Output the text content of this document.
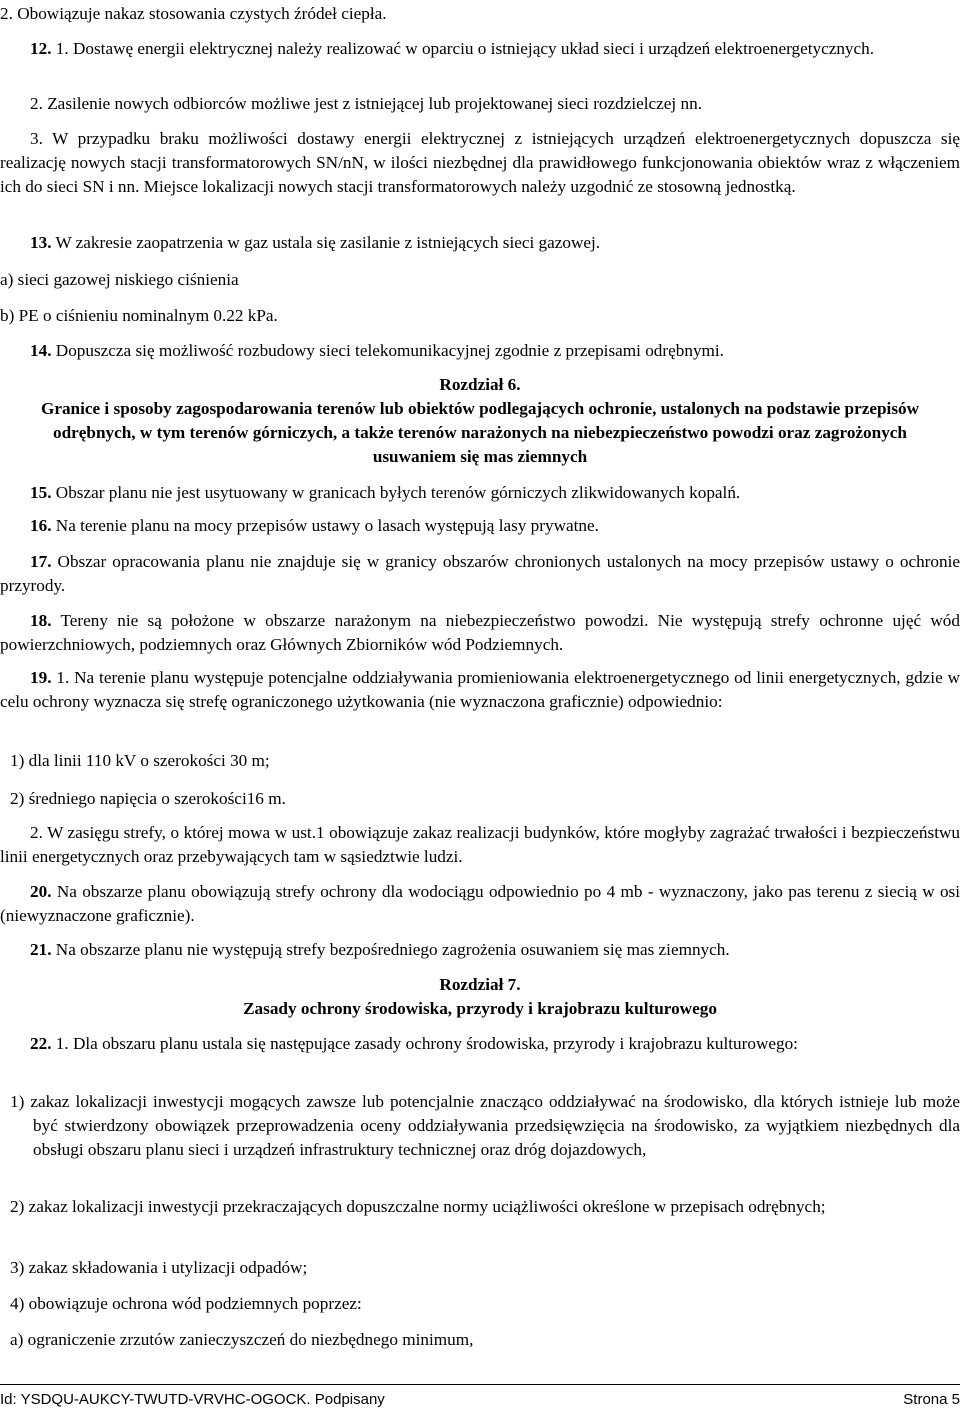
2. Obowiązuje nakaz stosowania czystych źródeł ciepła.

12. 1. Dostawę energii elektrycznej należy realizować w oparciu o istniejący układ sieci i urządzeń elektroenergetycznych.

2. Zasilenie nowych odbiorców możliwe jest z istniejącej lub projektowanej sieci rozdzielczej nn.

3. W przypadku braku możliwości dostawy energii elektrycznej z istniejących urządzeń elektroenergetycznych dopuszcza się realizację nowych stacji transformatorowych SN/nN, w ilości niezbędnej dla prawidłowego funkcjonowania obiektów wraz z włączeniem ich do sieci SN i nn. Miejsce lokalizacji nowych stacji transformatorowych należy uzgodnić ze stosowną jednostką.

13. W zakresie zaopatrzenia w gaz ustala się zasilanie z istniejących sieci gazowej.

a) sieci gazowej niskiego ciśnienia

b) PE o ciśnieniu nominalnym 0.22 kPa.

14. Dopuszcza się możliwość rozbudowy sieci telekomunikacyjnej zgodnie z przepisami odrębnymi.

Rozdział 6.

Granice i sposoby zagospodarowania terenów lub obiektów podlegających ochronie, ustalonych na podstawie przepisów odrębnych, w tym terenów górniczych, a także terenów narażonych na niebezpieczeństwo powodzi oraz zagrożonych usuwaniem się mas ziemnych

15. Obszar planu nie jest usytuowany w granicach byłych terenów górniczych zlikwidowanych kopalń.

16. Na terenie planu na mocy przepisów ustawy o lasach występują lasy prywatne.

17. Obszar opracowania planu nie znajduje się w granicy obszarów chronionych ustalonych na mocy przepisów ustawy o ochronie przyrody.

18. Tereny nie są położone w obszarze narażonym na niebezpieczeństwo powodzi. Nie występują strefy ochronne ujęć wód powierzchniowych, podziemnych oraz Głównych Zbiorników wód Podziemnych.

19. 1. Na terenie planu występuje potencjalne oddziaływania promieniowania elektroenergetycznego od linii energetycznych, gdzie w celu ochrony wyznacza się strefę ograniczonego użytkowania (nie wyznaczona graficznie) odpowiednio:

1) dla linii 110 kV o szerokości 30 m;

2) średniego napięcia o szerokości16 m.

2. W zasięgu strefy, o której mowa w ust.1 obowiązuje zakaz realizacji budynków, które mogłyby zagrażać trwałości i bezpieczeństwu linii energetycznych oraz przebywających tam w sąsiedztwie ludzi.

20. Na obszarze planu obowiązują strefy ochrony dla wodociągu odpowiednio po 4 mb - wyznaczony, jako pas terenu z siecią w osi (niewyznaczone graficznie).

21. Na obszarze planu nie występują strefy bezpośredniego zagrożenia osuwaniem się mas ziemnych.

Rozdział 7.

Zasady ochrony środowiska, przyrody i krajobrazu kulturowego

22. 1. Dla obszaru planu ustala się następujące zasady ochrony środowiska, przyrody i krajobrazu kulturowego:

1) zakaz lokalizacji inwestycji mogących zawsze lub potencjalnie znacząco oddziaływać na środowisko, dla których istnieje lub może być stwierdzony obowiązek przeprowadzenia oceny oddziaływania przedsięwzięcia na środowisko, za wyjątkiem niezbędnych dla obsługi obszaru planu sieci i urządzeń infrastruktury technicznej oraz dróg dojazdowych,

2) zakaz lokalizacji inwestycji przekraczających dopuszczalne normy uciążliwości określone w przepisach odrębnych;

3) zakaz składowania i utylizacji odpadów;

4) obowiązuje ochrona wód podziemnych poprzez:

a) ograniczenie zrzutów zanieczyszczeń do niezbędnego minimum,

Id: YSDQU-AUKCY-TWUTD-VRVHC-OGOCK. Podpisany	Strona 5
